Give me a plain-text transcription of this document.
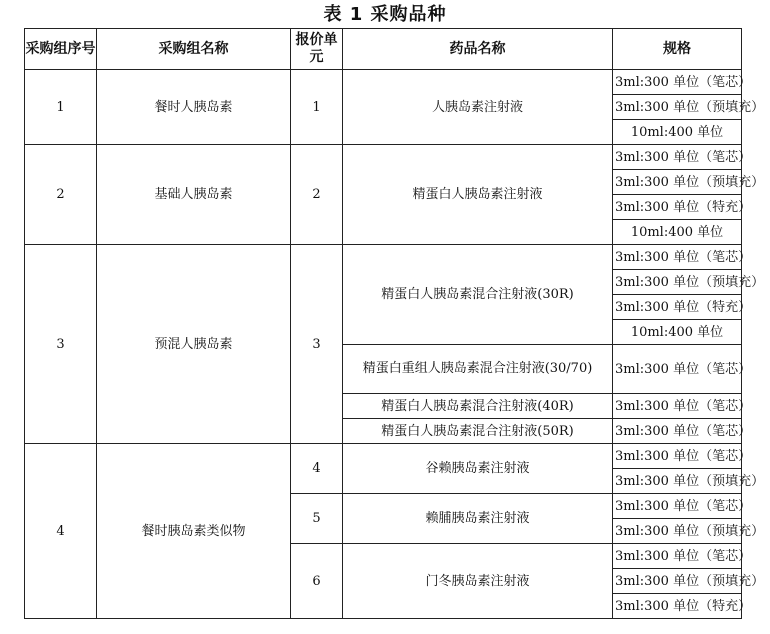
表 1 采购品种
采购组序号	采购组名称	报价单元	药品名称	规格
1	餐时人胰岛素	1	人胰岛素注射液	3ml:300 单位（笔芯）
				3ml:300 单位（预填充）
				10ml:400 单位
2	基础人胰岛素	2	精蛋白人胰岛素注射液	3ml:300 单位（笔芯）
				3ml:300 单位（预填充）
				3ml:300 单位（特充）
				10ml:400 单位
3	预混人胰岛素	3	精蛋白人胰岛素混合注射液(30R)	3ml:300 单位（笔芯）
				3ml:300 单位（预填充）
				3ml:300 单位（特充）
				10ml:400 单位
			精蛋白重组人胰岛素混合注射液(30/70)	3ml:300 单位（笔芯）
			精蛋白人胰岛素混合注射液(40R)	3ml:300 单位（笔芯）
			精蛋白人胰岛素混合注射液(50R)	3ml:300 单位（笔芯）
4	餐时胰岛素类似物	4	谷赖胰岛素注射液	3ml:300 单位（笔芯）
				3ml:300 单位（预填充）
		5	赖脯胰岛素注射液	3ml:300 单位（笔芯）
				3ml:300 单位（预填充）
		6	门冬胰岛素注射液	3ml:300 单位（笔芯）
				3ml:300 单位（预填充）
				3ml:300 单位（特充）
